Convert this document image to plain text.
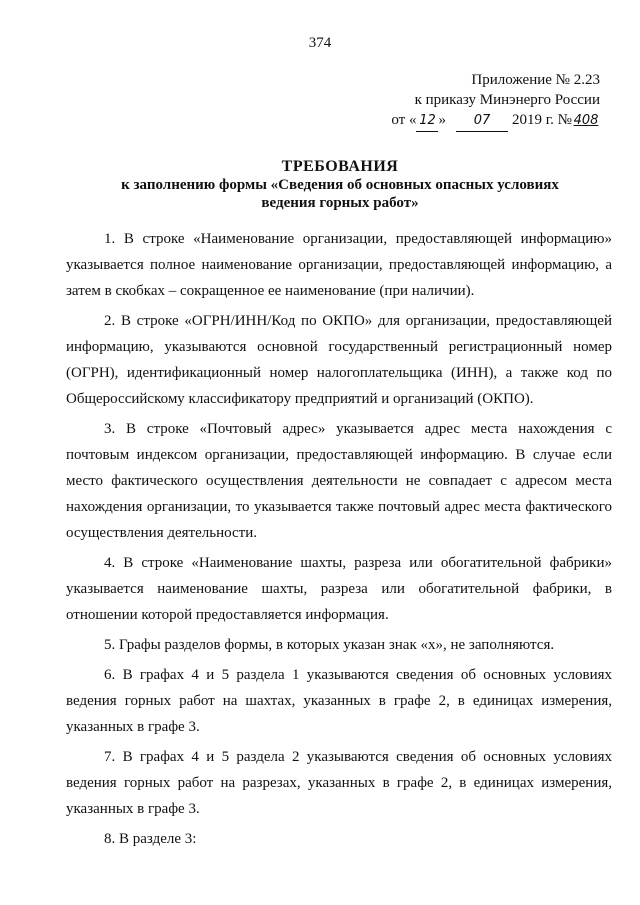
374
Приложение № 2.23
к приказу Минэнерго России
от « 12 » 07 2019 г. № 408
ТРЕБОВАНИЯ
к заполнению формы «Сведения об основных опасных условиях
ведения горных работ»

1. В строке «Наименование организации, предоставляющей информацию» указывается полное наименование организации, предоставляющей информацию, а затем в скобках – сокращенное ее наименование (при наличии).

2. В строке «ОГРН/ИНН/Код по ОКПО» для организации, предоставляющей информацию, указываются основной государственный регистрационный номер (ОГРН), идентификационный номер налогоплательщика (ИНН), а также код по Общероссийскому классификатору предприятий и организаций (ОКПО).

3. В строке «Почтовый адрес» указывается адрес места нахождения с почтовым индексом организации, предоставляющей информацию. В случае если место фактического осуществления деятельности не совпадает с адресом места нахождения организации, то указывается также почтовый адрес места фактического осуществления деятельности.

4. В строке «Наименование шахты, разреза или обогатительной фабрики» указывается наименование шахты, разреза или обогатительной фабрики, в отношении которой предоставляется информация.

5. Графы разделов формы, в которых указан знак «x», не заполняются.

6. В графах 4 и 5 раздела 1 указываются сведения об основных условиях ведения горных работ на шахтах, указанных в графе 2, в единицах измерения, указанных в графе 3.

7. В графах 4 и 5 раздела 2 указываются сведения об основных условиях ведения горных работ на разрезах, указанных в графе 2, в единицах измерения, указанных в графе 3.

8. В разделе 3:
